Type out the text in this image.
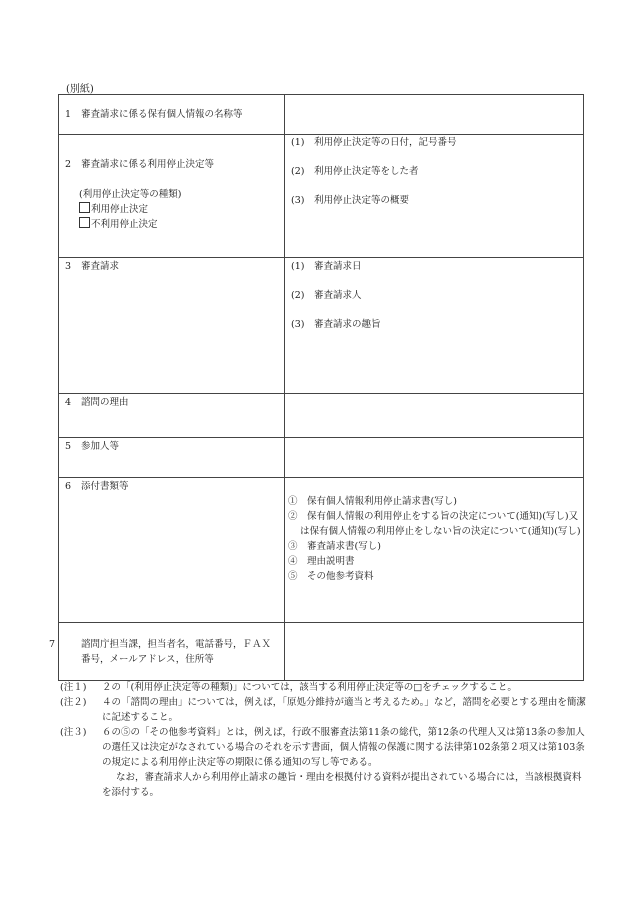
(別紙)
1 審査請求に係る保有個人情報の名称等	

2 審査請求に係る利用停止決定等
(利用停止決定等の種類)
利用停止決定
不利用停止決定	(1)　利用停止決定等の日付，記号番号
(2)　利用停止決定等をした者
(3)　利用停止決定等の概要

3 審査請求	(1)　審査請求日
(2)　審査請求人
(3)　審査請求の趣旨

4 諮問の理由	

5 参加人等	

6 添付書類等	①　保有個人情報利用停止請求書(写し)
②　保有個人情報の利用停止をする旨の決定について(通知)(写し)又は保有個人情報の利用停止をしない旨の決定について(通知)(写し)
③　審査請求書(写し)
④　理由説明書
⑤　その他参考資料

7 諮問庁担当課，担当者名，電話番号，ＦＡＸ番号，メールアドレス，住所等	

(注１)	２の「(利用停止決定等の種類)」については，該当する利用停止決定等の□をチェックすること。
(注２)	４の「諮問の理由」については，例えば，「原処分維持が適当と考えるため。」など，諮問を必要とする理由を簡潔に記述すること。
(注３)	６の⑤の「その他参考資料」とは，例えば，行政不服審査法第11条の総代，第12条の代理人又は第13条の参加人の選任又は決定がなされている場合のそれを示す書面，個人情報の保護に関する法律第102条第２項又は第103条の規定による利用停止決定等の期限に係る通知の写し等である。
なお，審査請求人から利用停止請求の趣旨・理由を根拠付ける資料が提出されている場合には，当該根拠資料を添付する。
